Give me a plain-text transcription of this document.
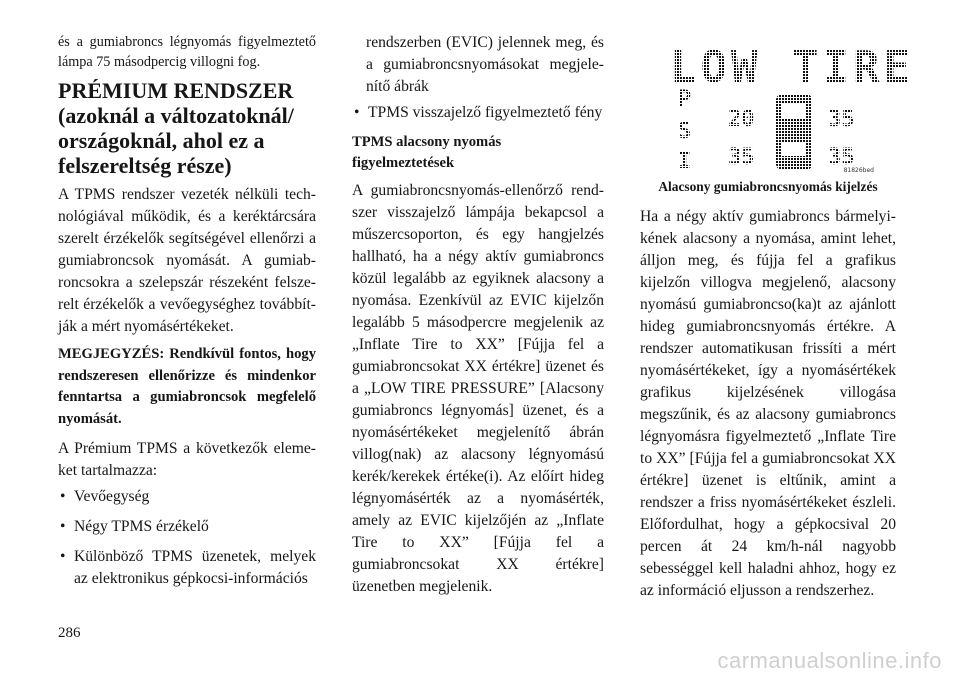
és a gumiabroncs légnyomás figyelmeztető lámpa 75 másodpercig villogni fog.

PRÉMIUM RENDSZER (azoknál a változatoknál/ országoknál, ahol ez a felszereltség része)

A TPMS rendszer vezeték nélküli technológiával működik, és a keréktárcsára szerelt érzékelők segítségével ellenőrzi a gumiabroncsok nyomását. A gumiabroncsokra a szelepszár részeként felszerelt érzékelők a vevőegységhez továbbítják a mért nyomásértékeket.

MEGJEGYZÉS: Rendkívül fontos, hogy rendszeresen ellenőrizze és mindenkor fenntartsa a gumiabroncsok megfelelő nyomását.

A Prémium TPMS a következők elemeket tartalmazza:

• Vevőegység
• Négy TPMS érzékelő
• Különböző TPMS üzenetek, melyek az elektronikus gépkocsi-információs

rendszerben (EVIC) jelennek meg, és a gumiabroncsnyomásokat megjelenítő ábrák

• TPMS visszajelző figyelmeztető fény

TPMS alacsony nyomás figyelmeztetések

A gumiabroncsnyomás-ellenőrző rendszer visszajelző lámpája bekapcsol a műszercsoporton, és egy hangjelzés hallható, ha a négy aktív gumiabroncs közül legalább az egyiknek alacsony a nyomása. Ezenkívül az EVIC kijelzőn legalább 5 másodpercre megjelenik az „Inflate Tire to XX” [Fújja fel a gumiabroncsokat XX értékre] üzenet és a „LOW TIRE PRESSURE” [Alacsony gumiabroncs légnyomás] üzenet, és a nyomásértékeket megjelenítő ábrán villog(nak) az alacsony légnyomású kerék/kerekek értéke(i). Az előírt hideg légnyomásérték az a nyomásérték, amely az EVIC kijelzőjén az „Inflate Tire to XX” [Fújja fel a gumiabroncsokat XX értékre] üzenetben megjelenik.

LOW TIRE
P
S
I
20	35
35	35
81826bed

Alacsony gumiabroncsnyomás kijelzés

Ha a négy aktív gumiabroncs bármelyikének alacsony a nyomása, amint lehet, álljon meg, és fújja fel a grafikus kijelzőn villogva megjelenő, alacsony nyomású gumiabroncso(ka)t az ajánlott hideg gumiabroncsnyomás értékre. A rendszer automatikusan frissíti a mért nyomásértékeket, így a nyomásértékek grafikus kijelzésének villogása megszűnik, és az alacsony gumiabroncs légnyomásra figyelmeztető „Inflate Tire to XX” [Fújja fel a gumiabroncsokat XX értékre] üzenet is eltűnik, amint a rendszer a friss nyomásértékeket észleli. Előfordulhat, hogy a gépkocsival 20 percen át 24 km/h-nál nagyobb sebességgel kell haladni ahhoz, hogy ez az információ eljusson a rendszerhez.

286
carmanualsonline.info
